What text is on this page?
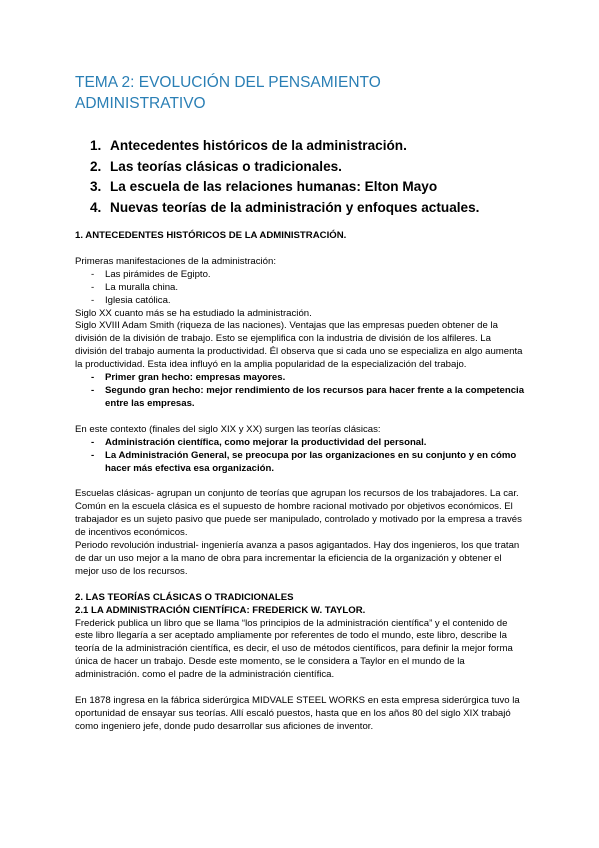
TEMA 2: EVOLUCIÓN DEL PENSAMIENTO
ADMINISTRATIVO
1. Antecedentes históricos de la administración.
2. Las teorías clásicas o tradicionales.
3. La escuela de las relaciones humanas: Elton Mayo
4. Nuevas teorías de la administración y enfoques actuales.

1. ANTECEDENTES HISTÓRICOS DE LA ADMINISTRACIÓN.

Primeras manifestaciones de la administración:

- Las pirámides de Egipto.
- La muralla china.
- Iglesia católica.

Siglo XX cuanto más se ha estudiado la administración.

Siglo XVIII Adam Smith (riqueza de las naciones). Ventajas que las empresas pueden obtener de la división de la división de trabajo. Esto se ejemplifica con la industria de división de los alfileres. La división del trabajo aumenta la productividad. Él observa que si cada uno se especializa en algo aumenta la productividad. Esta idea influyó en la amplia popularidad de la especialización del trabajo.

- Primer gran hecho: empresas mayores.
- Segundo gran hecho: mejor rendimiento de los recursos para hacer frente a la competencia entre las empresas.

En este contexto (finales del siglo XIX y XX) surgen las teorías clásicas:

- Administración científica, como mejorar la productividad del personal.
- La Administración General, se preocupa por las organizaciones en su conjunto y en cómo hacer más efectiva esa organización.

Escuelas clásicas- agrupan un conjunto de teorías que agrupan los recursos de los trabajadores. La car. Común en la escuela clásica es el supuesto de hombre racional motivado por objetivos económicos. El trabajador es un sujeto pasivo que puede ser manipulado, controlado y motivado por la empresa a través de incentivos económicos.

Periodo revolución industrial- ingeniería avanza a pasos agigantados. Hay dos ingenieros, los que tratan de dar un uso mejor a la mano de obra para incrementar la eficiencia de la organización y obtener el mejor uso de los recursos.

2. LAS TEORÍAS CLÁSICAS O TRADICIONALES

2.1 LA ADMINISTRACIÓN CIENTÍFICA: FREDERICK W. TAYLOR.

Frederick publica un libro que se llama “los principios de la administración científica” y el contenido de este libro llegaría a ser aceptado ampliamente por referentes de todo el mundo, este libro, describe la teoría de la administración científica, es decir, el uso de métodos científicos, para definir la mejor forma única de hacer un trabajo. Desde este momento, se le considera a Taylor en el mundo de la administración. como el padre de la administración científica.

En 1878 ingresa en la fábrica siderúrgica MIDVALE STEEL WORKS en esta empresa siderúrgica tuvo la oportunidad de ensayar sus teorías. Allí escaló puestos, hasta que en los años 80 del siglo XIX trabajó como ingeniero jefe, donde pudo desarrollar sus aficiones de inventor.
